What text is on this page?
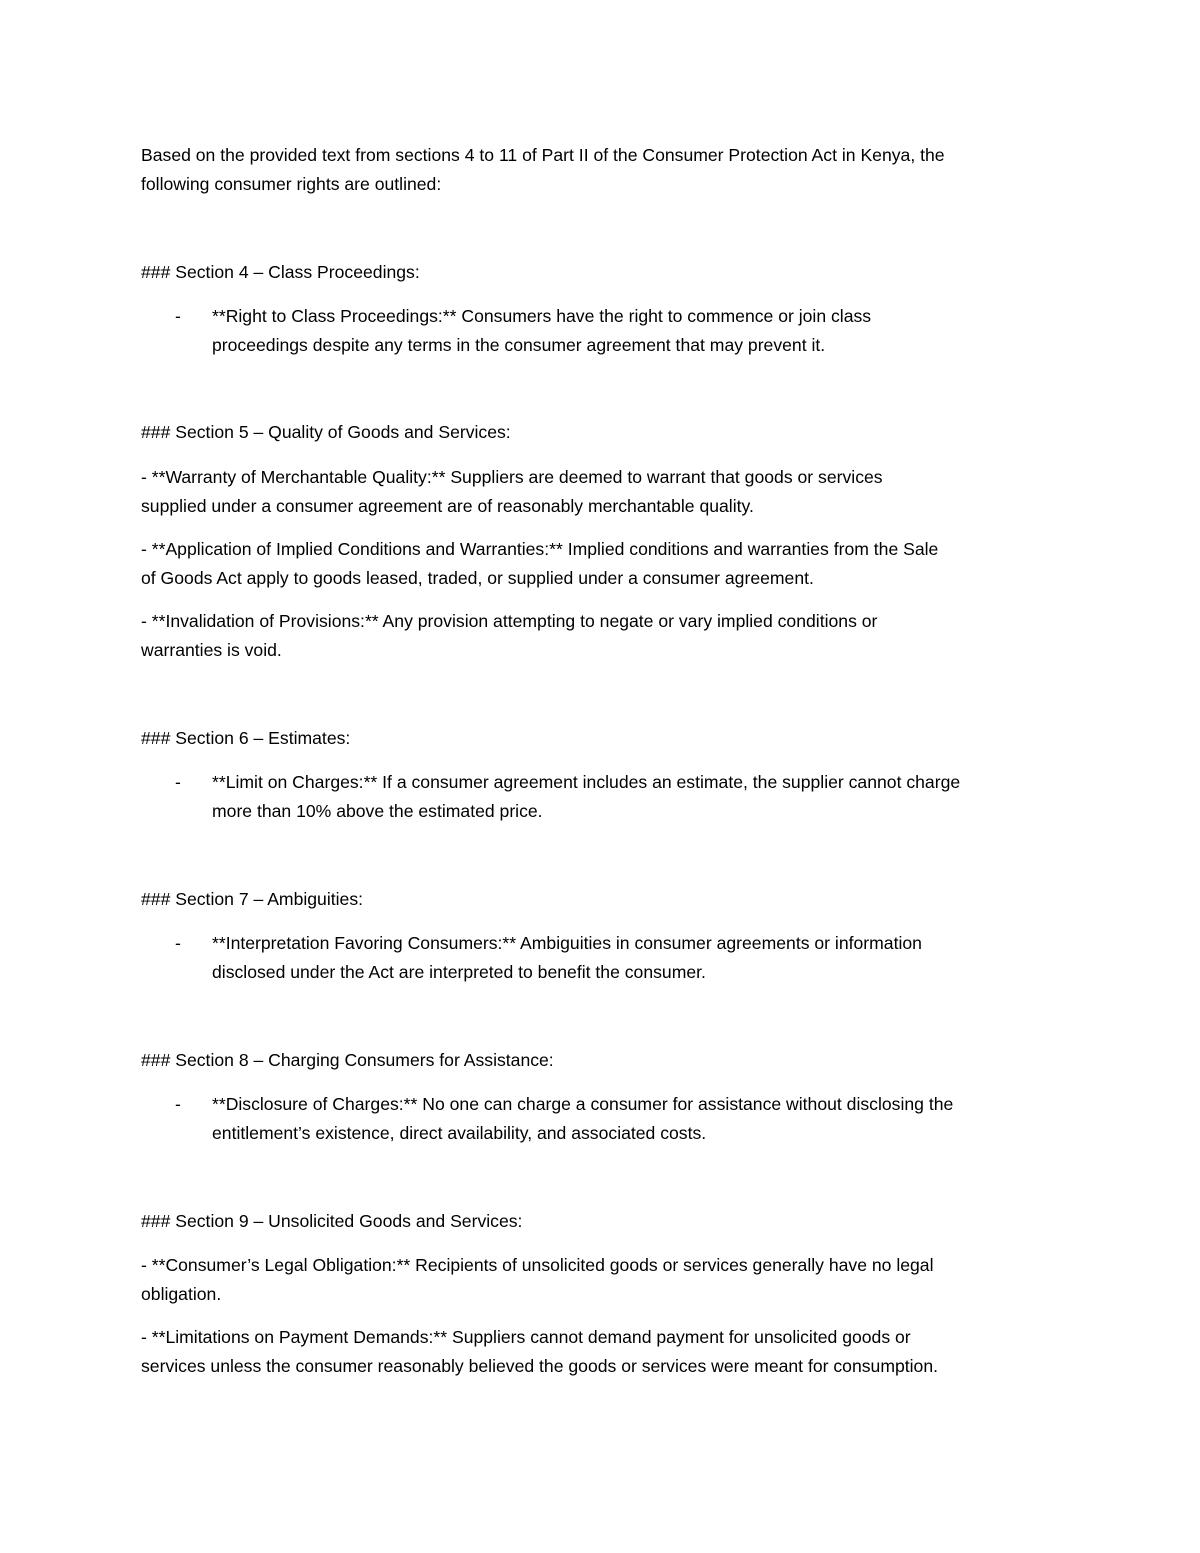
Based on the provided text from sections 4 to 11 of Part II of the Consumer Protection Act in Kenya, the

following consumer rights are outlined:

### Section 4 – Class Proceedings:

- **Right to Class Proceedings:** Consumers have the right to commence or join class
proceedings despite any terms in the consumer agreement that may prevent it.

### Section 5 – Quality of Goods and Services:

- **Warranty of Merchantable Quality:** Suppliers are deemed to warrant that goods or services

supplied under a consumer agreement are of reasonably merchantable quality.

- **Application of Implied Conditions and Warranties:** Implied conditions and warranties from the Sale

of Goods Act apply to goods leased, traded, or supplied under a consumer agreement.

- **Invalidation of Provisions:** Any provision attempting to negate or vary implied conditions or

warranties is void.

### Section 6 – Estimates:

- **Limit on Charges:** If a consumer agreement includes an estimate, the supplier cannot charge
more than 10% above the estimated price.

### Section 7 – Ambiguities:

- **Interpretation Favoring Consumers:** Ambiguities in consumer agreements or information
disclosed under the Act are interpreted to benefit the consumer.

### Section 8 – Charging Consumers for Assistance:

- **Disclosure of Charges:** No one can charge a consumer for assistance without disclosing the
entitlement’s existence, direct availability, and associated costs.

### Section 9 – Unsolicited Goods and Services:

- **Consumer’s Legal Obligation:** Recipients of unsolicited goods or services generally have no legal

obligation.

- **Limitations on Payment Demands:** Suppliers cannot demand payment for unsolicited goods or

services unless the consumer reasonably believed the goods or services were meant for consumption.
